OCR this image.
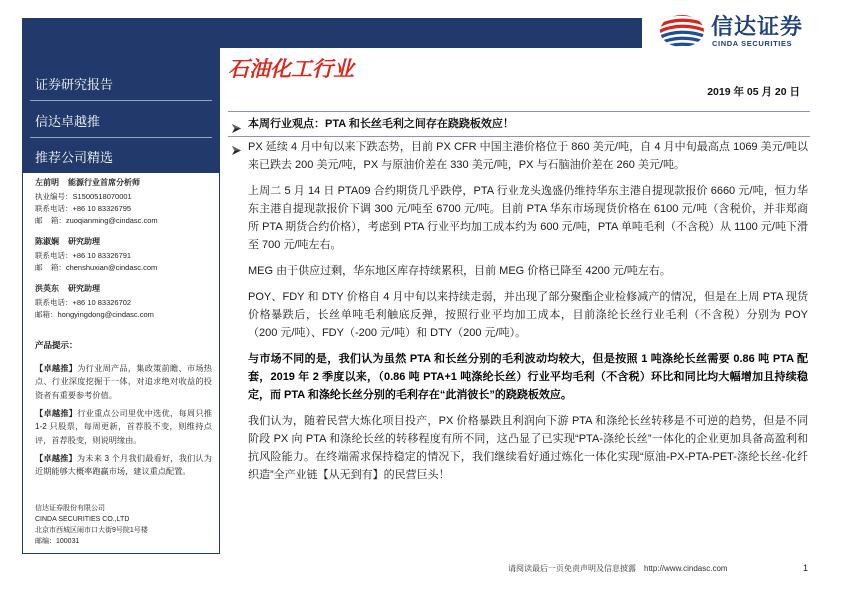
信达证券
CINDA SECURITIES
证券研究报告
信达卓越推
推荐公司精选
左前明 能源行业首席分析师
执业编号：S1500518070001
联系电话：+86 10 83326795
邮    箱：zuoqianming@cindasc.com
陈淑娴 研究助理
联系电话：+86 10 83326791
邮    箱：chenshuxian@cindasc.com
洪英东 研究助理
联系电话：+86 10 83326702
邮箱：hongyingdong@cindasc.com
产品提示：
【卓越推】为行业周产品，集政策前瞻、市场热点、行业深度挖掘于一体，对追求绝对收益的投资者有重要参考价值。
【卓越推】行业重点公司里优中选优，每周只推 1-2 只股票，每周更新，首荐股不变，则维持点评，首荐股变，则说明缘由。
【卓越推】为未来 3 个月我们最看好，我们认为近期能够大概率跑赢市场，建议重点配置。
信达证券股份有限公司
CINDA SECURITIES CO.,LTD
北京市西城区闹市口大街9号院1号楼
邮编：100031
石油化工行业
2019 年 05 月 20 日
本周行业观点：PTA 和长丝毛利之间存在跷跷板效应！
PX 延续 4 月中旬以来下跌态势，目前 PX CFR 中国主港价格位于 860 美元/吨，自 4 月中旬最高点 1069 美元/吨以来已跌去 200 美元/吨，PX 与原油价差在 330 美元/吨，PX 与石脑油价差在 260 美元/吨。
上周二 5 月 14 日 PTA09 合约期货几乎跌停，PTA 行业龙头逸盛仍维持华东主港自提现款报价 6660 元/吨，恒力华东主港自提现款报价下调 300 元/吨至 6700 元/吨。目前 PTA 华东市场现货价格在 6100 元/吨（含税价，并非郑商所 PTA 期货合约价格），考虑到 PTA 行业平均加工成本约为 600 元/吨，PTA 单吨毛利（不含税）从 1100 元/吨下滑至 700 元/吨左右。
MEG 由于供应过剩，华东地区库存持续累积，目前 MEG 价格已降至 4200 元/吨左右。
POY、FDY 和 DTY 价格自 4 月中旬以来持续走弱，并出现了部分聚酯企业检修减产的情况，但是在上周 PTA 现货价格暴跌后，长丝单吨毛利触底反弹，按照行业平均加工成本，目前涤纶长丝行业毛利（不含税）分别为 POY（200 元/吨）、FDY（-200 元/吨）和 DTY（200 元/吨）。
与市场不同的是，我们认为虽然 PTA 和长丝分别的毛利波动均较大，但是按照 1 吨涤纶长丝需要 0.86 吨 PTA 配套，2019 年 2 季度以来，（0.86 吨 PTA+1 吨涤纶长丝）行业平均毛利（不含税）环比和同比均大幅增加且持续稳定，而 PTA 和涤纶长丝分别的毛利存在“此消彼长”的跷跷板效应。
我们认为，随着民营大炼化项目投产，PX 价格暴跌且利润向下游 PTA 和涤纶长丝转移是不可逆的趋势，但是不同阶段 PX 向 PTA 和涤纶长丝的转移程度有所不同，这凸显了已实现“PTA-涤纶长丝”一体化的企业更加具备高盈利和抗风险能力。在终端需求保持稳定的情况下，我们继续看好通过炼化一体化实现“原油-PX-PTA-PET-涤纶长丝-化纤织造”全产业链【从无到有】的民营巨头！
请阅读最后一页免责声明及信息披露 http://www.cindasc.com	1
